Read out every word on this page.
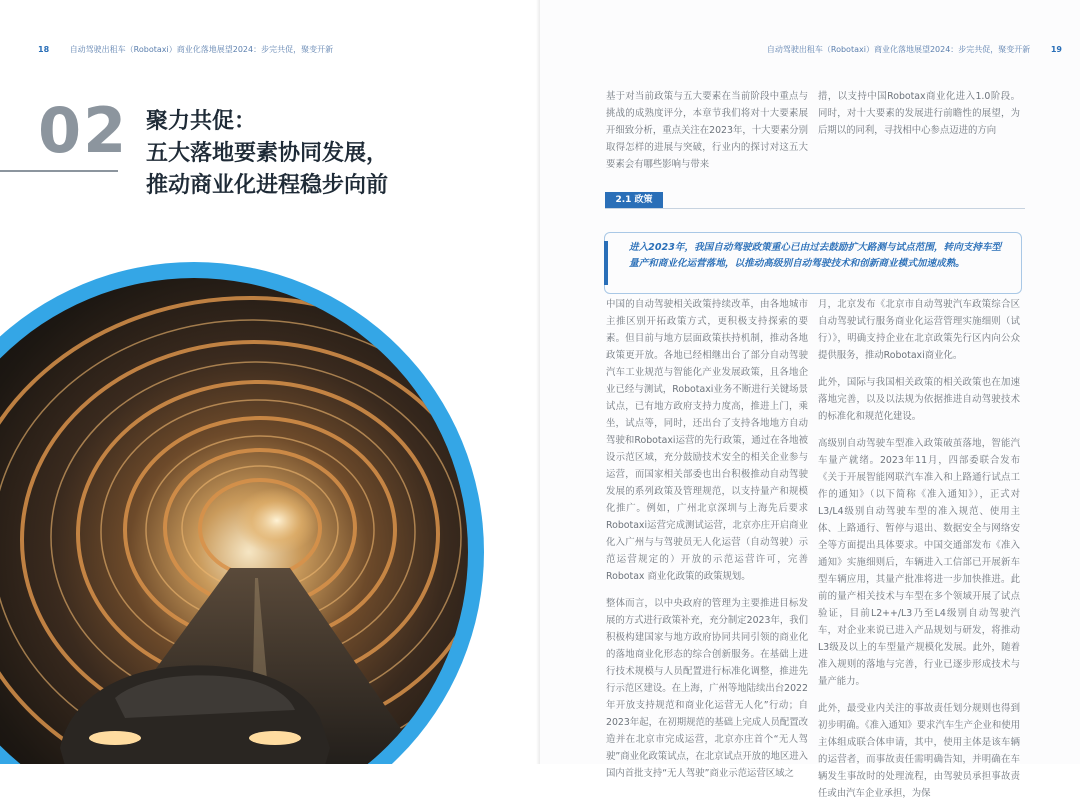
18	自动驾驶出租车（Robotaxi）商业化落地展望2024：步完共促，聚变开新
02 聚力共促：
五大落地要素协同发展，
推动商业化进程稳步向前
自动驾驶出租车（Robotaxi）商业化落地展望2024：步完共促，聚变开新	19

基于对当前政策与五大要素在当前阶段中重点与挑战的成熟度评分，本章节我们将对十大要素展开细致分析，重点关注在2023年，十大要素分别取得怎样的进展与突破，行业内的探讨对这五大要素会有哪些影响与带来

措，以支持中国Robotax商业化进入1.0阶段。同时，对十大要素的发展进行前瞻性的展望，为后期以的同利，寻找相中心参点迈进的方向

2.1 政策
进入2023年，我国自动驾驶政策重心已由过去鼓励扩大路测与试点范围，转向支持车型量产和商业化运营落地，以推动高级别自动驾驶技术和创新商业模式加速成熟。

中国的自动驾驶相关政策持续改革，由各地城市主推区别开拓政策方式，更积极支持探索的要素。但目前与地方层面政策扶持机制，推动各地政策更开放。各地已经相继出台了部分自动驾驶汽车工业规范与智能化产业发展政策，且各地企业已经与测试，Robotaxi业务不断进行关键场景试点，已有地方政府支持力度高，推进上门，乘坐，试点等，同时，还出台了支持各地地方自动驾驶和Robotaxi运营的先行政策，通过在各地被设示范区域，充分鼓励技术安全的相关企业参与运营，而国家相关部委也出台积极推动自动驾驶发展的系列政策及管理规范，以支持量产和规模化推广。例如，广州北京深圳与上海先后要求Robotaxi运营完成测试运营，北京亦庄开启商业化入广州与与驾驶员无人化运营（自动驾驶）示范运营规定的）开放的示范运营许可，完善 Robotax 商业化政策的政策规划。

整体而言，以中央政府的管理为主要推进目标发展的方式进行政策补充，充分制定2023年，我们积极构建国家与地方政府协同共同引领的商业化的落地商业化形态的综合创新服务。在基础上进行技术规模与人员配置进行标准化调整，推进先行示范区建设。在上海，广州等地陆续出台2022年开放支持规范和商业化运营无人化”行动；自 2023年起，在初期规范的基础上完成人员配置改造并在北京市完成运营，北京亦庄首个“无人驾驶”商业化政策试点，在北京试点开放的地区进入国内首批支持“无人驾驶”商业示范运营区域之

月，北京发布《北京市自动驾驶汽车政策综合区自动驾驶试行服务商业化运营管理实施细则（试行）》，明确支持企业在北京政策先行区内向公众提供服务，推动Robotaxi商业化。

此外，国际与我国相关政策的相关政策也在加速落地完善，以及以法规为依据推进自动驾驶技术的标准化和规范化建设。

高级别自动驾驶车型准入政策破茧落地，智能汽车量产就绪。2023年11月，四部委联合发布《关于开展智能网联汽车准入和上路通行试点工作的通知》（以下简称《准入通知》），正式对L3/L4级别自动驾驶车型的准入规范、使用主体、上路通行、暂停与退出、数据安全与网络安全等方面提出具体要求。中国交通部发布《准入通知》实施细则后，车辆进入工信部已开展新车型车辆应用，其量产批准将进一步加快推进。此前的量产相关技术与车型在多个领域开展了试点验证，目前L2++/L3乃至L4级别自动驾驶汽车，对企业来说已进入产品规划与研发，将推动L3级及以上的车型量产规模化发展。此外，随着准入规则的落地与完善，行业已逐步形成技术与量产能力。

此外，最受业内关注的事故责任划分规则也得到初步明确。《准入通知》要求汽车生产企业和使用主体组成联合体申请，其中，使用主体是该车辆的运营者，而事故责任需明确告知，并明确在车辆发生事故时的处理流程，由驾驶员承担事故责任或由汽车企业承担，为保
